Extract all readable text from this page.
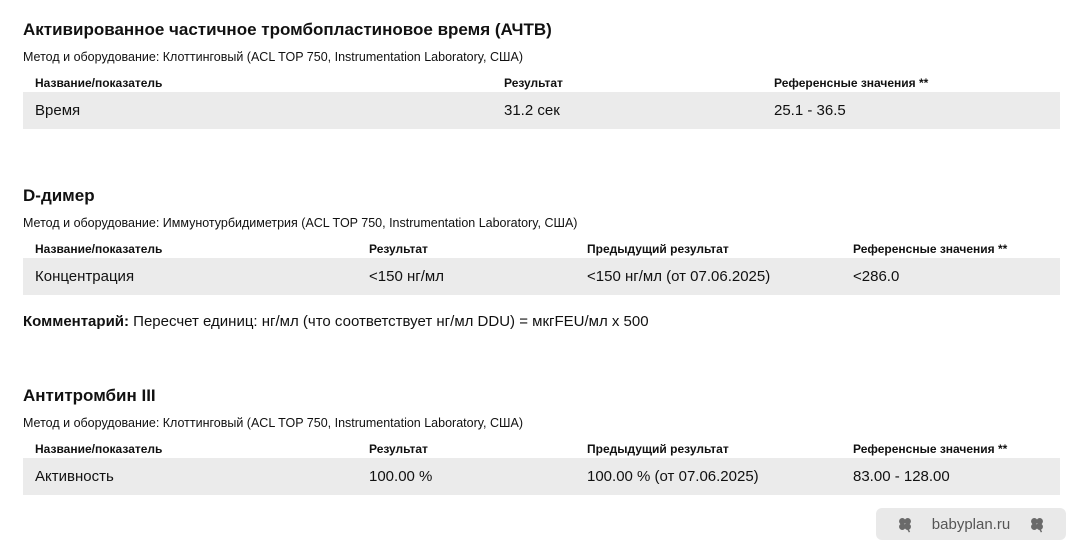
Активированное частичное тромбопластиновое время (АЧТВ)
Метод и оборудование: Клоттинговый (ACL TOP 750, Instrumentation Laboratory, США)
Название/показатель	Результат	Референсные значения **
Время	31.2 сек	25.1 - 36.5
D-димер
Метод и оборудование: Иммунотурбидиметрия (ACL TOP 750, Instrumentation Laboratory, США)
Название/показатель	Результат	Предыдущий результат	Референсные значения **
Концентрация	<150 нг/мл	<150 нг/мл (от 07.06.2025)	<286.0
Комментарий: Пересчет единиц: нг/мл (что соответствует нг/мл DDU) = мкгFEU/мл x 500
Антитромбин III
Метод и оборудование: Клоттинговый (ACL TOP 750, Instrumentation Laboratory, США)
Название/показатель	Результат	Предыдущий результат	Референсные значения **
Активность	100.00 %	100.00 % (от 07.06.2025)	83.00 - 128.00
babyplan.ru
